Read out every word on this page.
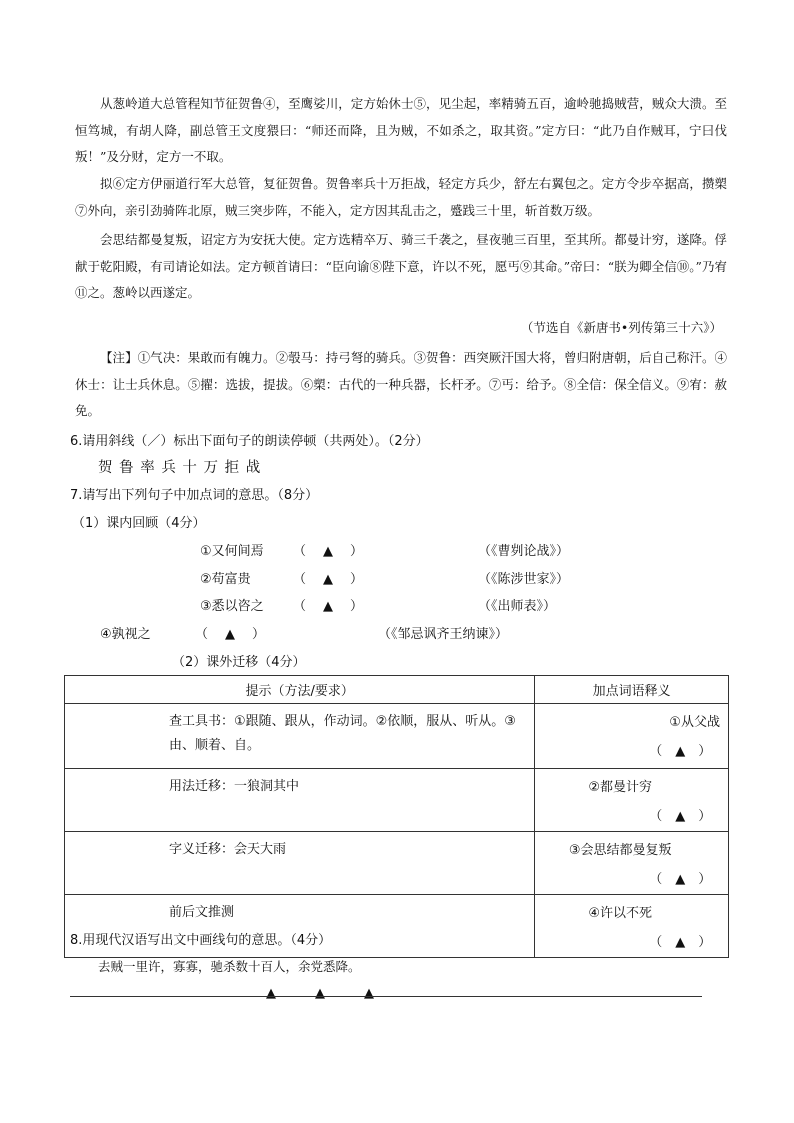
从葱岭道大总管程知节征贺鲁④，至鹰娑川，定方始休士⑤，见尘起，率精骑五百，逾岭驰捣贼营，贼众大溃。至恒笃城，有胡人降，副总管王文度猥曰：“师还而降，且为贼，不如杀之，取其资。”定方曰：“此乃自作贼耳，宁曰伐叛！”及分财，定方一不取。

拟⑥定方伊丽道行军大总管，复征贺鲁。贺鲁率兵十万拒战，轻定方兵少，舒左右翼包之。定方令步卒据高，攒槊⑦外向，亲引劲骑阵北原，贼三突步阵，不能入，定方因其乱击之，蹙践三十里，斩首数万级。

会思结都曼复叛，诏定方为安抚大使。定方选精卒万、骑三千袭之，昼夜驰三百里，至其所。都曼计穷，遂降。俘献于乾阳殿，有司请论如法。定方顿首请曰：“臣向谕⑧陛下意，许以不死，愿丐⑨其命。”帝曰：“朕为卿全信⑩。”乃宥⑪之。葱岭以西遂定。

（节选自《新唐书•列传第三十六》）

【注】①气决：果敢而有魄力。②彀马：持弓弩的骑兵。③贺鲁：西突厥汗国大将，曾归附唐朝，后自己称汗。④休士：让士兵休息。⑤擢：选拔，提拔。⑥槊：古代的一种兵器，长杆矛。⑦丐：给予。⑧全信：保全信义。⑨宥：赦免。

6.请用斜线（／）标出下面句子的朗读停顿（共两处）。（2分）
贺 鲁 率 兵 十 万 拒 战
7.请写出下列句子中加点词的意思。（8分）
（1）课内回顾（4分）
①又何间焉 （ ▲ ）	（《曹刿论战》）
②苟富贵	（ ▲ ）	（《陈涉世家》）
③悉以咨之 （ ▲ ）	（《出师表》）
④孰视之	（ ▲ ）	（《邹忌讽齐王纳谏》）
（2）课外迁移（4分）
提示（方法/要求）	加点词语释义
查工具书：①跟随、跟从，作动词。②依顺，服从、听从。③由、顺着、自。	① 从 父 战
（　▲　）

用法迁移：一狼洞其中	②都曼计穷
（　▲　）

字义迁移：会天大雨	③会思结都曼复叛
（　▲　）

前后文推测	④许以不死
（　▲　）
8.用现代汉语写出文中画线句的意思。（4分）
去贼一里许，寡寡，驰杀数十百人，余党悉降。
▲　　　▲　　　▲
